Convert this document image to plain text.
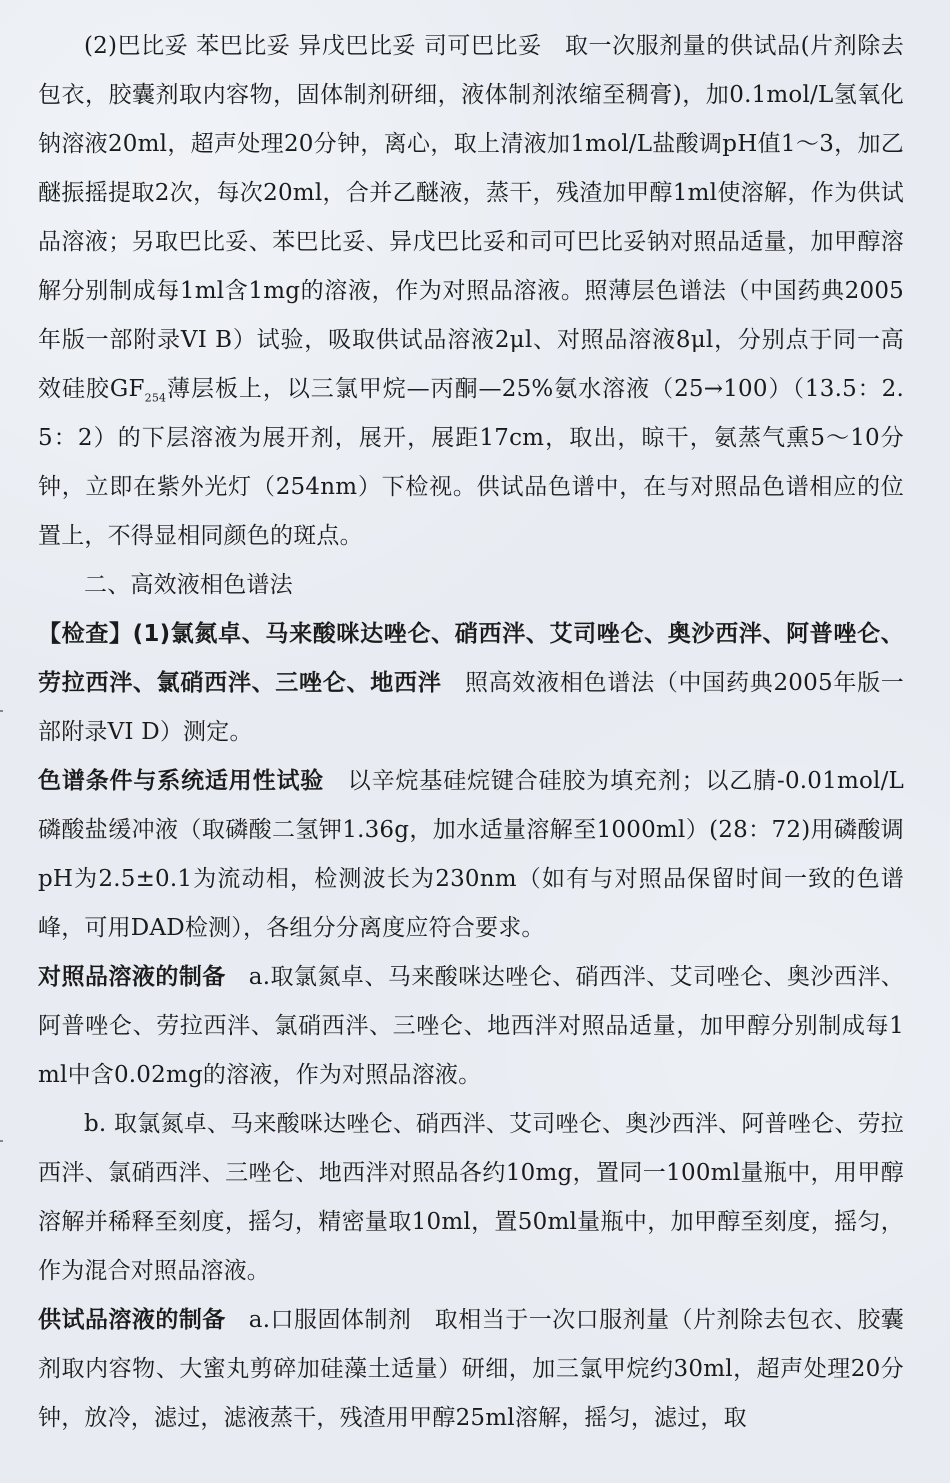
(2)巴比妥 苯巴比妥 异戊巴比妥 司可巴比妥 取一次服剂量的供试品(片剂除去包衣，胶囊剂取内容物，固体制剂研细，液体制剂浓缩至稠膏)，加0.1mol/L氢氧化钠溶液20ml，超声处理20分钟，离心，取上清液加1mol/L盐酸调pH值1～3，加乙醚振摇提取2次，每次20ml，合并乙醚液，蒸干，残渣加甲醇1ml使溶解，作为供试品溶液；另取巴比妥、苯巴比妥、异戊巴比妥和司可巴比妥钠对照品适量，加甲醇溶解分别制成每1ml含1mg的溶液，作为对照品溶液。照薄层色谱法（中国药典2005年版一部附录VI B）试验，吸取供试品溶液2μl、对照品溶液8μl，分别点于同一高效硅胶$GF_{254}$薄层板上，以三氯甲烷—丙酮—25%氨水溶液（25→100）（13.5：2.5：2）的下层溶液为展开剂，展开，展距17cm，取出，晾干，氨蒸气熏5～10分钟，立即在紫外光灯（254nm）下检视。供试品色谱中，在与对照品色谱相应的位置上，不得显相同颜色的斑点。

二、高效液相色谱法

【检查】(1)氯氮卓、马来酸咪达唑仑、硝西泮、艾司唑仑、奥沙西泮、阿普唑仑、劳拉西泮、氯硝西泮、三唑仑、地西泮 照高效液相色谱法（中国药典2005年版一部附录VI D）测定。

色谱条件与系统适用性试验 以辛烷基硅烷键合硅胶为填充剂；以乙腈-0.01mol/L磷酸盐缓冲液（取磷酸二氢钾1.36g，加水适量溶解至1000ml）(28：72)用磷酸调pH为2.5±0.1为流动相，检测波长为230nm（如有与对照品保留时间一致的色谱峰，可用DAD检测），各组分分离度应符合要求。

对照品溶液的制备 a.取氯氮卓、马来酸咪达唑仑、硝西泮、艾司唑仑、奥沙西泮、阿普唑仑、劳拉西泮、氯硝西泮、三唑仑、地西泮对照品适量，加甲醇分别制成每1ml中含0.02mg的溶液，作为对照品溶液。

b. 取氯氮卓、马来酸咪达唑仑、硝西泮、艾司唑仑、奥沙西泮、阿普唑仑、劳拉西泮、氯硝西泮、三唑仑、地西泮对照品各约10mg，置同一100ml量瓶中，用甲醇溶解并稀释至刻度，摇匀，精密量取10ml，置50ml量瓶中，加甲醇至刻度，摇匀，作为混合对照品溶液。

供试品溶液的制备 a.口服固体制剂　取相当于一次口服剂量（片剂除去包衣、胶囊剂取内容物、大蜜丸剪碎加硅藻土适量）研细，加三氯甲烷约30ml，超声处理20分钟，放冷，滤过，滤液蒸干，残渣用甲醇25ml溶解，摇匀，滤过，取
